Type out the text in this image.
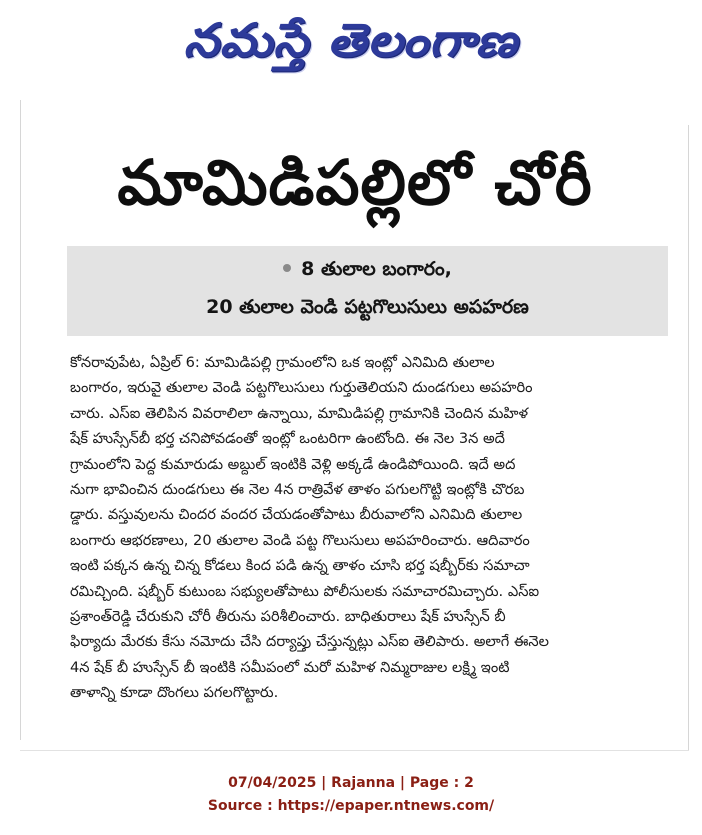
నమస్తే తెలంగాణ
మామిడిపల్లిలో చోరీ
8 తులాల బంగారం,
20 తులాల వెండి పట్టగొలుసులు అపహరణ
కోనరావుపేట, ఏప్రిల్ 6: మామిడిపల్లి గ్రామంలోని ఒక ఇంట్లో ఎనిమిది తులాల
బంగారం, ఇరువై తులాల వెండి పట్టగొలుసులు గుర్తుతెలియని దుండగులు అపహరిం
చారు. ఎస్ఐ తెలిపిన వివరాలిలా ఉన్నాయి, మామిడిపల్లి గ్రామానికి చెందిన మహిళ
షేక్ హుస్సేన్‌బీ భర్త చనిపోవడంతో ఇంట్లో ఒంటరిగా ఉంటోంది. ఈ నెల 3న అదే
గ్రామంలోని పెద్ద కుమారుడు అబ్దుల్ ఇంటికి వెళ్లి అక్కడే ఉండిపోయింది. ఇదే అద
నుగా భావించిన దుండగులు ఈ నెల 4న రాత్రివేళ తాళం పగులగొట్టి ఇంట్లోకి చొరబ
డ్డారు. వస్తువులను చిందర వందర చేయడంతోపాటు బీరువాలోని ఎనిమిది తులాల
బంగారు ఆభరణాలు, 20 తులాల వెండి పట్ట గొలుసులు అపహరించారు. ఆదివారం
ఇంటి పక్కన ఉన్న చిన్న కోడలు కింద పడి ఉన్న తాళం చూసి భర్త షబ్బీర్‌కు సమాచా
రమిచ్చింది. షబ్బీర్ కుటుంబ సభ్యులతోపాటు పోలీసులకు సమాచారమిచ్చారు. ఎస్ఐ
ప్రశాంత్‌రెడ్డి చేరుకుని చోరీ తీరును పరిశీలించారు. బాధితురాలు షేక్ హుస్సేన్ బీ
ఫిర్యాదు మేరకు కేసు నమోదు చేసి దర్యాప్తు చేస్తున్నట్లు ఎస్ఐ తెలిపారు. అలాగే ఈనెల
4న షేక్ బీ హుస్సేన్ బీ ఇంటికి సమీపంలో మరో మహిళ నిమ్మరాజుల లక్ష్మి ఇంటి
తాళాన్ని కూడా దొంగలు పగలగొట్టారు.
07/04/2025 | Rajanna | Page : 2
Source : https://epaper.ntnews.com/
